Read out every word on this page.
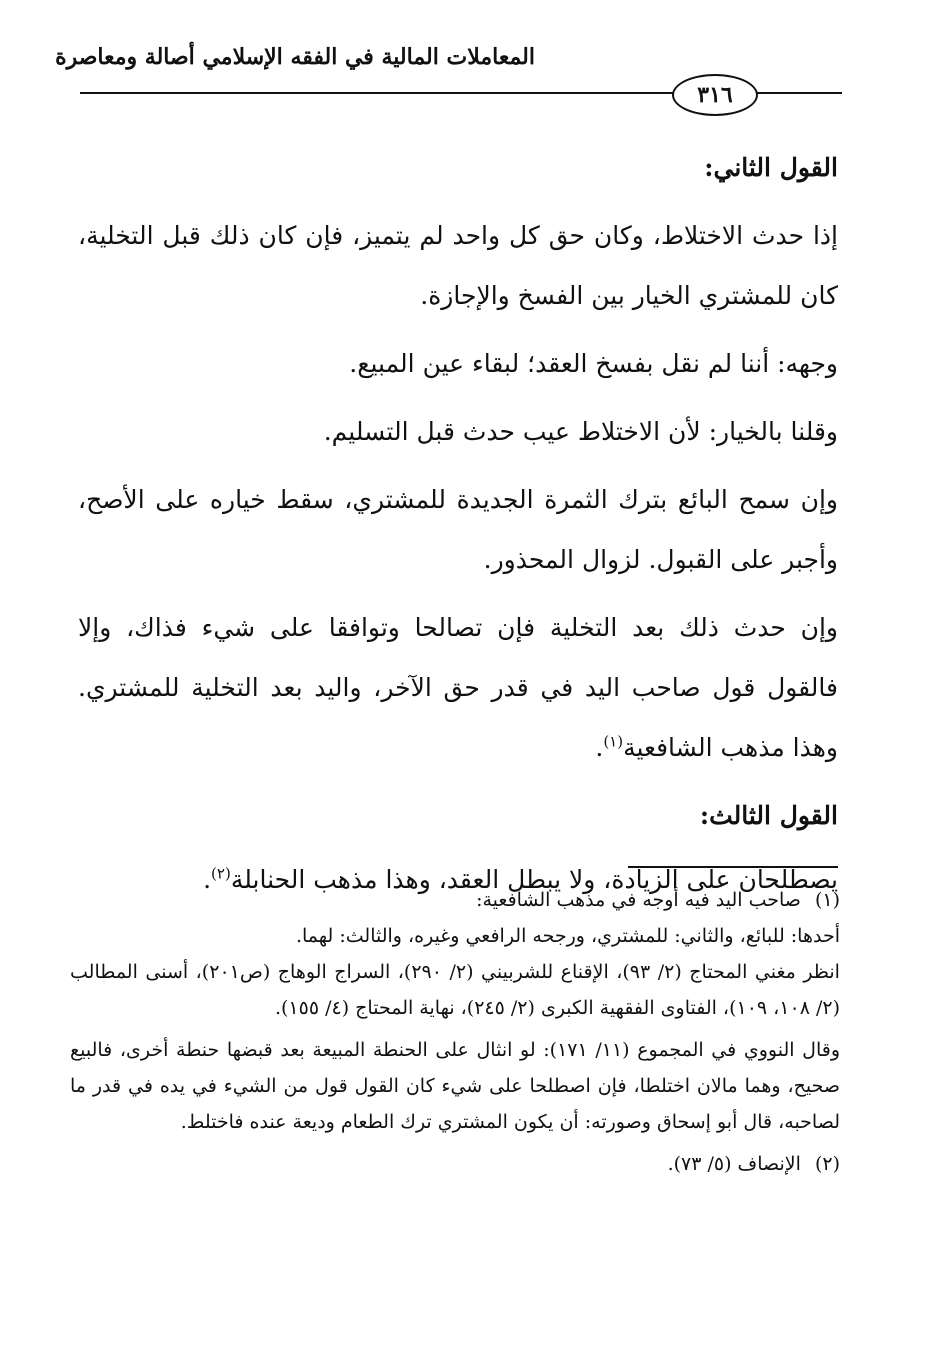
المعاملات المالية في الفقه الإسلامي أصالة ومعاصرة
٣١٦
القول الثاني:

إذا حدث الاختلاط، وكان حق كل واحد لم يتميز، فإن كان ذلك قبل التخلية، كان للمشتري الخيار بين الفسخ والإجازة.

وجهه: أننا لم نقل بفسخ العقد؛ لبقاء عين المبيع.

وقلنا بالخيار: لأن الاختلاط عيب حدث قبل التسليم.

وإن سمح البائع بترك الثمرة الجديدة للمشتري، سقط خياره على الأصح، وأجبر على القبول. لزوال المحذور.

وإن حدث ذلك بعد التخلية فإن تصالحا وتوافقا على شيء فذاك، وإلا فالقول قول صاحب اليد في قدر حق الآخر، واليد بعد التخلية للمشتري. وهذا مذهب الشافعية$^{(١)}$.

القول الثالث:

يصطلحان على الزيادة، ولا يبطل العقد، وهذا مذهب الحنابلة$^{(٢)}$.

(١)
صاحب اليد فيه أوجه في مذهب الشافعية:

أحدها: للبائع، والثاني: للمشتري، ورجحه الرافعي وغيره، والثالث: لهما.

انظر مغني المحتاج (٢/ ٩٣)، الإقناع للشربيني (٢/ ٢٩٠)، السراج الوهاج (ص٢٠١)، أسنى المطالب (٢/ ١٠٨، ١٠٩)، الفتاوى الفقهية الكبرى (٢/ ٢٤٥)، نهاية المحتاج (٤/ ١٥٥).

وقال النووي في المجموع (١١/ ١٧١): لو انثال على الحنطة المبيعة بعد قبضها حنطة أخرى، فالبيع صحيح، وهما مالان اختلطا، فإن اصطلحا على شيء كان القول قول من الشيء في يده في قدر ما لصاحبه، قال أبو إسحاق وصورته: أن يكون المشتري ترك الطعام وديعة عنده فاختلط.

(٢)
الإنصاف (٥/ ٧٣).
